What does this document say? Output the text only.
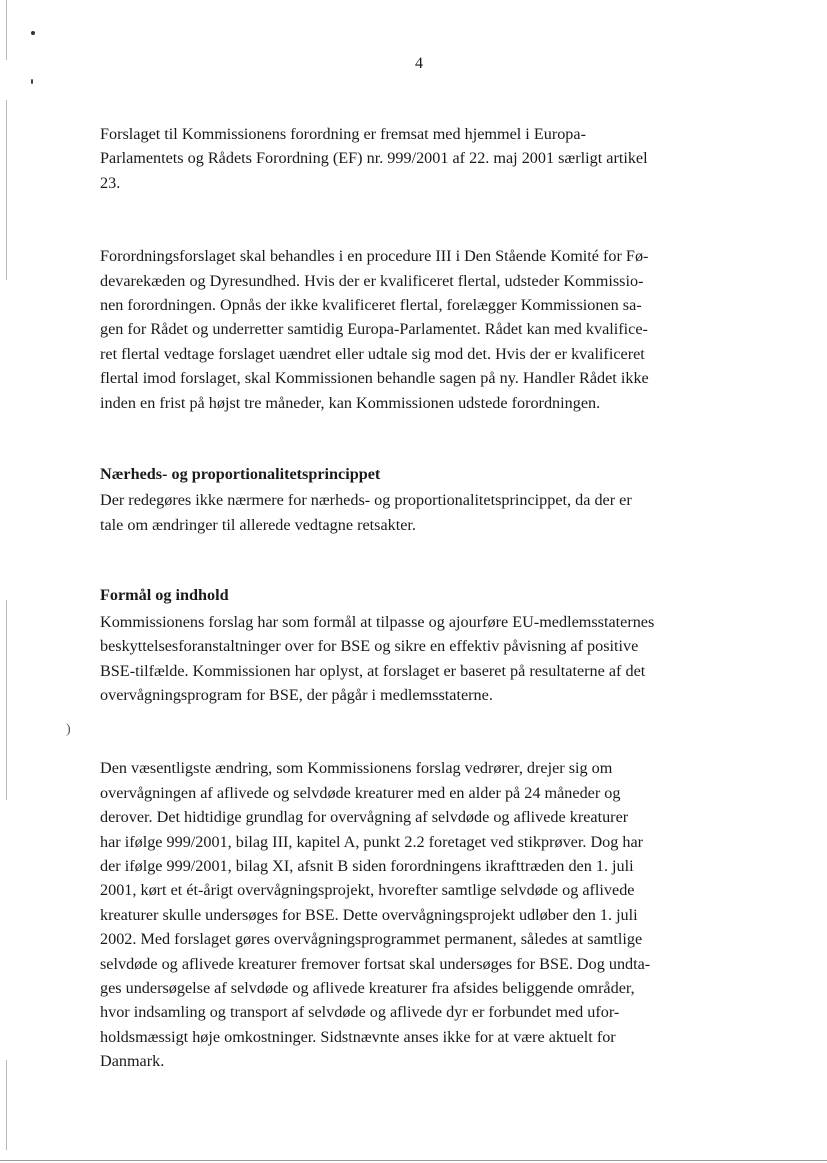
)
4

Forslaget til Kommissionens forordning er fremsat med hjemmel i Europa-
Parlamentets og Rådets Forordning (EF) nr. 999/2001 af 22. maj 2001 særligt artikel
23.

Forordningsforslaget skal behandles i en procedure III i Den Stående Komité for Fø-
devarekæden og Dyresundhed. Hvis der er kvalificeret flertal, udsteder Kommissio-
nen forordningen. Opnås der ikke kvalificeret flertal, forelægger Kommissionen sa-
gen for Rådet og underretter samtidig Europa-Parlamentet. Rådet kan med kvalifice-
ret flertal vedtage forslaget uændret eller udtale sig mod det. Hvis der er kvalificeret
flertal imod forslaget, skal Kommissionen behandle sagen på ny. Handler Rådet ikke
inden en frist på højst tre måneder, kan Kommissionen udstede forordningen.

Nærheds- og proportionalitetsprincippet

Der redegøres ikke nærmere for nærheds- og proportionalitetsprincippet, da der er
tale om ændringer til allerede vedtagne retsakter.

Formål og indhold

Kommissionens forslag har som formål at tilpasse og ajourføre EU-medlemsstaternes
beskyttelsesforanstaltninger over for BSE og sikre en effektiv påvisning af positive
BSE-tilfælde. Kommissionen har oplyst, at forslaget er baseret på resultaterne af det
overvågningsprogram for BSE, der pågår i medlemsstaterne.

Den væsentligste ændring, som Kommissionens forslag vedrører, drejer sig om
overvågningen af aflivede og selvdøde kreaturer med en alder på 24 måneder og
derover. Det hidtidige grundlag for overvågning af selvdøde og aflivede kreaturer
har ifølge 999/2001, bilag III, kapitel A, punkt 2.2 foretaget ved stikprøver. Dog har
der ifølge 999/2001, bilag XI, afsnit B siden forordningens ikrafttræden den 1. juli
2001, kørt et ét-årigt overvågningsprojekt, hvorefter samtlige selvdøde og aflivede
kreaturer skulle undersøges for BSE. Dette overvågningsprojekt udløber den 1. juli
2002. Med forslaget gøres overvågningsprogrammet permanent, således at samtlige
selvdøde og aflivede kreaturer fremover fortsat skal undersøges for BSE. Dog undta-
ges undersøgelse af selvdøde og aflivede kreaturer fra afsides beliggende områder,
hvor indsamling og transport af selvdøde og aflivede dyr er forbundet med ufor-
holdsmæssigt høje omkostninger. Sidstnævnte anses ikke for at være aktuelt for
Danmark.
